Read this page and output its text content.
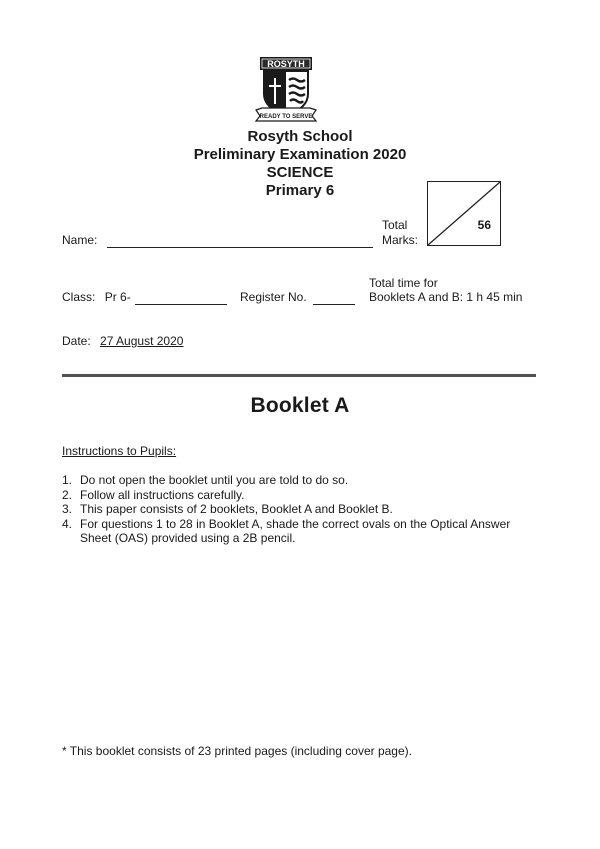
ROSYTH
READY TO SERVE
Rosyth School
Preliminary Examination 2020
SCIENCE
Primary 6
Total
Marks:
56
Name:
Total time for
Booklets A and B: 1 h 45 min
Class: Pr 6-	Register No.
Date: 27 August 2020
Booklet A
Instructions to Pupils:
1. Do not open the booklet until you are told to do so.
2. Follow all instructions carefully.
3. This paper consists of 2 booklets, Booklet A and Booklet B.
4. For questions 1 to 28 in Booklet A, shade the correct ovals on the Optical Answer Sheet (OAS) provided using a 2B pencil.
* This booklet consists of 23 printed pages (including cover page).
